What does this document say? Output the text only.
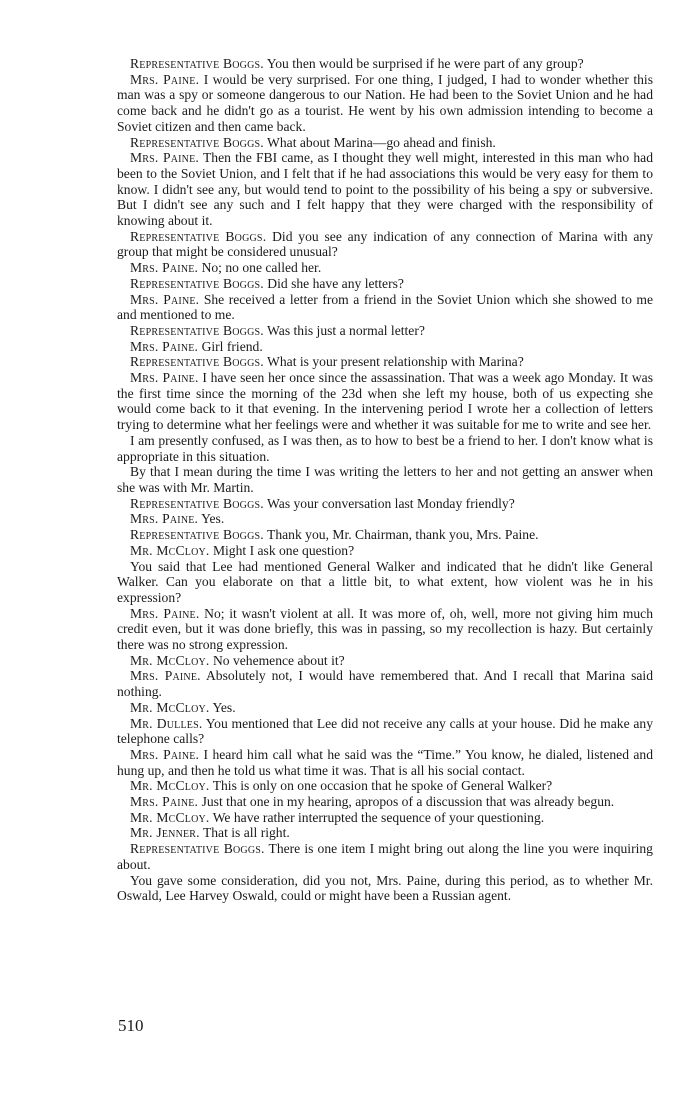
Representative Boggs. You then would be surprised if he were part of any group?

Mrs. Paine. I would be very surprised. For one thing, I judged, I had to wonder whether this man was a spy or someone dangerous to our Nation. He had been to the Soviet Union and he had come back and he didn't go as a tourist. He went by his own admission intending to become a Soviet citizen and then came back.

Representative Boggs. What about Marina—go ahead and finish.

Mrs. Paine. Then the FBI came, as I thought they well might, interested in this man who had been to the Soviet Union, and I felt that if he had associations this would be very easy for them to know. I didn't see any, but would tend to point to the possibility of his being a spy or subversive. But I didn't see any such and I felt happy that they were charged with the responsibility of knowing about it.

Representative Boggs. Did you see any indication of any connection of Marina with any group that might be considered unusual?

Mrs. Paine. No; no one called her.

Representative Boggs. Did she have any letters?

Mrs. Paine. She received a letter from a friend in the Soviet Union which she showed to me and mentioned to me.

Representative Boggs. Was this just a normal letter?

Mrs. Paine. Girl friend.

Representative Boggs. What is your present relationship with Marina?

Mrs. Paine. I have seen her once since the assassination. That was a week ago Monday. It was the first time since the morning of the 23d when she left my house, both of us expecting she would come back to it that evening. In the intervening period I wrote her a collection of letters trying to determine what her feelings were and whether it was suitable for me to write and see her.

I am presently confused, as I was then, as to how to best be a friend to her. I don't know what is appropriate in this situation.

By that I mean during the time I was writing the letters to her and not getting an answer when she was with Mr. Martin.

Representative Boggs. Was your conversation last Monday friendly?

Mrs. Paine. Yes.

Representative Boggs. Thank you, Mr. Chairman, thank you, Mrs. Paine.

Mr. McCloy. Might I ask one question?

You said that Lee had mentioned General Walker and indicated that he didn't like General Walker. Can you elaborate on that a little bit, to what extent, how violent was he in his expression?

Mrs. Paine. No; it wasn't violent at all. It was more of, oh, well, more not giving him much credit even, but it was done briefly, this was in passing, so my recollection is hazy. But certainly there was no strong expression.

Mr. McCloy. No vehemence about it?

Mrs. Paine. Absolutely not, I would have remembered that. And I recall that Marina said nothing.

Mr. McCloy. Yes.

Mr. Dulles. You mentioned that Lee did not receive any calls at your house. Did he make any telephone calls?

Mrs. Paine. I heard him call what he said was the “Time.” You know, he dialed, listened and hung up, and then he told us what time it was. That is all his social contact.

Mr. McCloy. This is only on one occasion that he spoke of General Walker?

Mrs. Paine. Just that one in my hearing, apropos of a discussion that was already begun.

Mr. McCloy. We have rather interrupted the sequence of your questioning.

Mr. Jenner. That is all right.

Representative Boggs. There is one item I might bring out along the line you were inquiring about.

You gave some consideration, did you not, Mrs. Paine, during this period, as to whether Mr. Oswald, Lee Harvey Oswald, could or might have been a Russian agent.

510
